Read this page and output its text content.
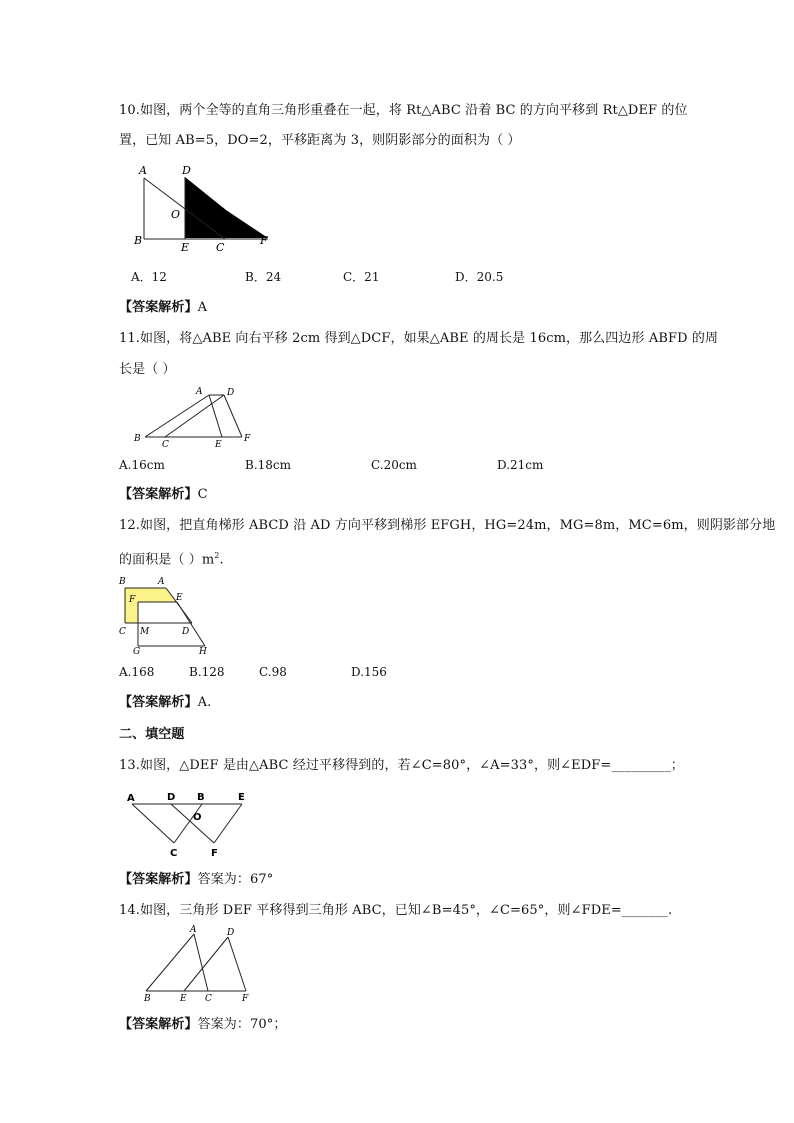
10.如图，两个全等的直角三角形重叠在一起，将 Rt△ABC 沿着 BC 的方向平移到 Rt△DEF 的位
置，已知 AB=5，DO=2，平移距离为 3，则阴影部分的面积为（ ）
A
B
D
O
E C
F
A．12	B．24	C．21	D．20.5
【答案解析】A
11.如图，将△ABE 向右平移 2cm 得到△DCF，如果△ABE 的周长是 16cm，那么四边形 ABFD 的周
长是（ ）
A	D
B
C	E
F
A.16cm	B.18cm	C.20cm	D.21cm
【答案解析】C
12.如图，把直角梯形 ABCD 沿 AD 方向平移到梯形 EFGH，HG=24m，MG=8m，MC=6m，则阴影部分地
的面积是（ ）$m^2$.
B	A
F	E
C M	D
G	H
A.168	B.128	C.98	D.156
【答案解析】A.
二、填空题
13.如图，△DEF 是由△ABC 经过平移得到的，若∠C=80°，∠A=33°，则∠EDF=_________；
A	D B	E
O
C	F
【答案解析】答案为：67°
14.如图，三角形 DEF 平移得到三角形 ABC，已知∠B=45°，∠C=65°，则∠FDE=_______.
A	D
B	E C	F
【答案解析】答案为：70°；
